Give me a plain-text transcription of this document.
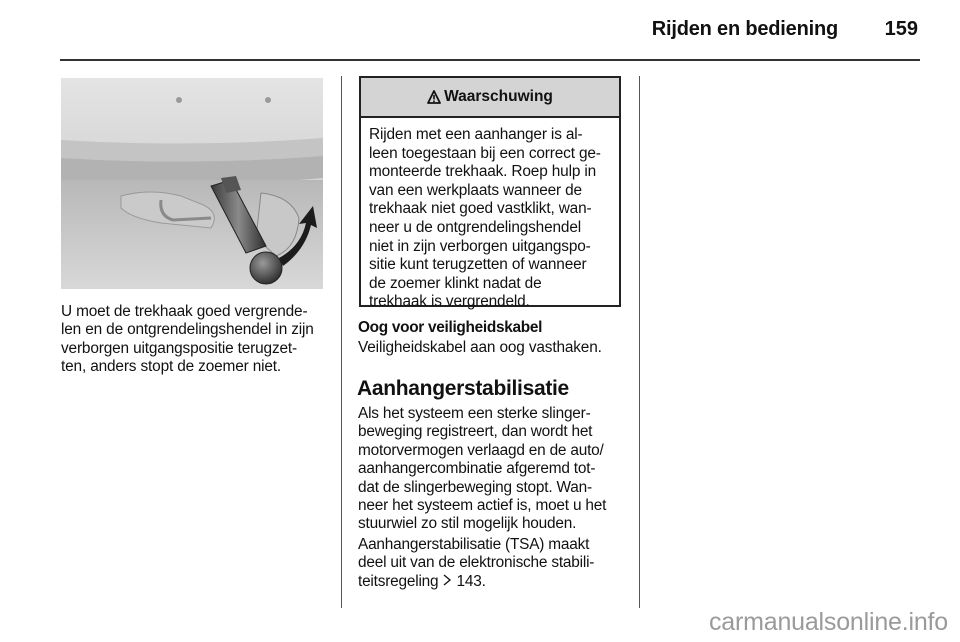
Rijden en bediening 159
U moet de trekhaak goed vergrende-
len en de ontgrendelingshendel in zijn
verborgen uitgangspositie terugzet-
ten, anders stopt de zoemer niet.
Waarschuwing
Rijden met een aanhanger is al-
leen toegestaan bij een correct ge-
monteerde trekhaak. Roep hulp in
van een werkplaats wanneer de
trekhaak niet goed vastklikt, wan-
neer u de ontgrendelingshendel
niet in zijn verborgen uitgangspo-
sitie kunt terugzetten of wanneer
de zoemer klinkt nadat de
trekhaak is vergrendeld.
Oog voor veiligheidskabel
Veiligheidskabel aan oog vasthaken.
Aanhangerstabilisatie
Als het systeem een sterke slinger-
beweging registreert, dan wordt het
motorvermogen verlaagd en de auto/
aanhangercombinatie afgeremd tot-
dat de slingerbeweging stopt. Wan-
neer het systeem actief is, moet u het
stuurwiel zo stil mogelijk houden.
Aanhangerstabilisatie (TSA) maakt
deel uit van de elektronische stabili-
teitsregeling 143.
carmanualsonline.info
